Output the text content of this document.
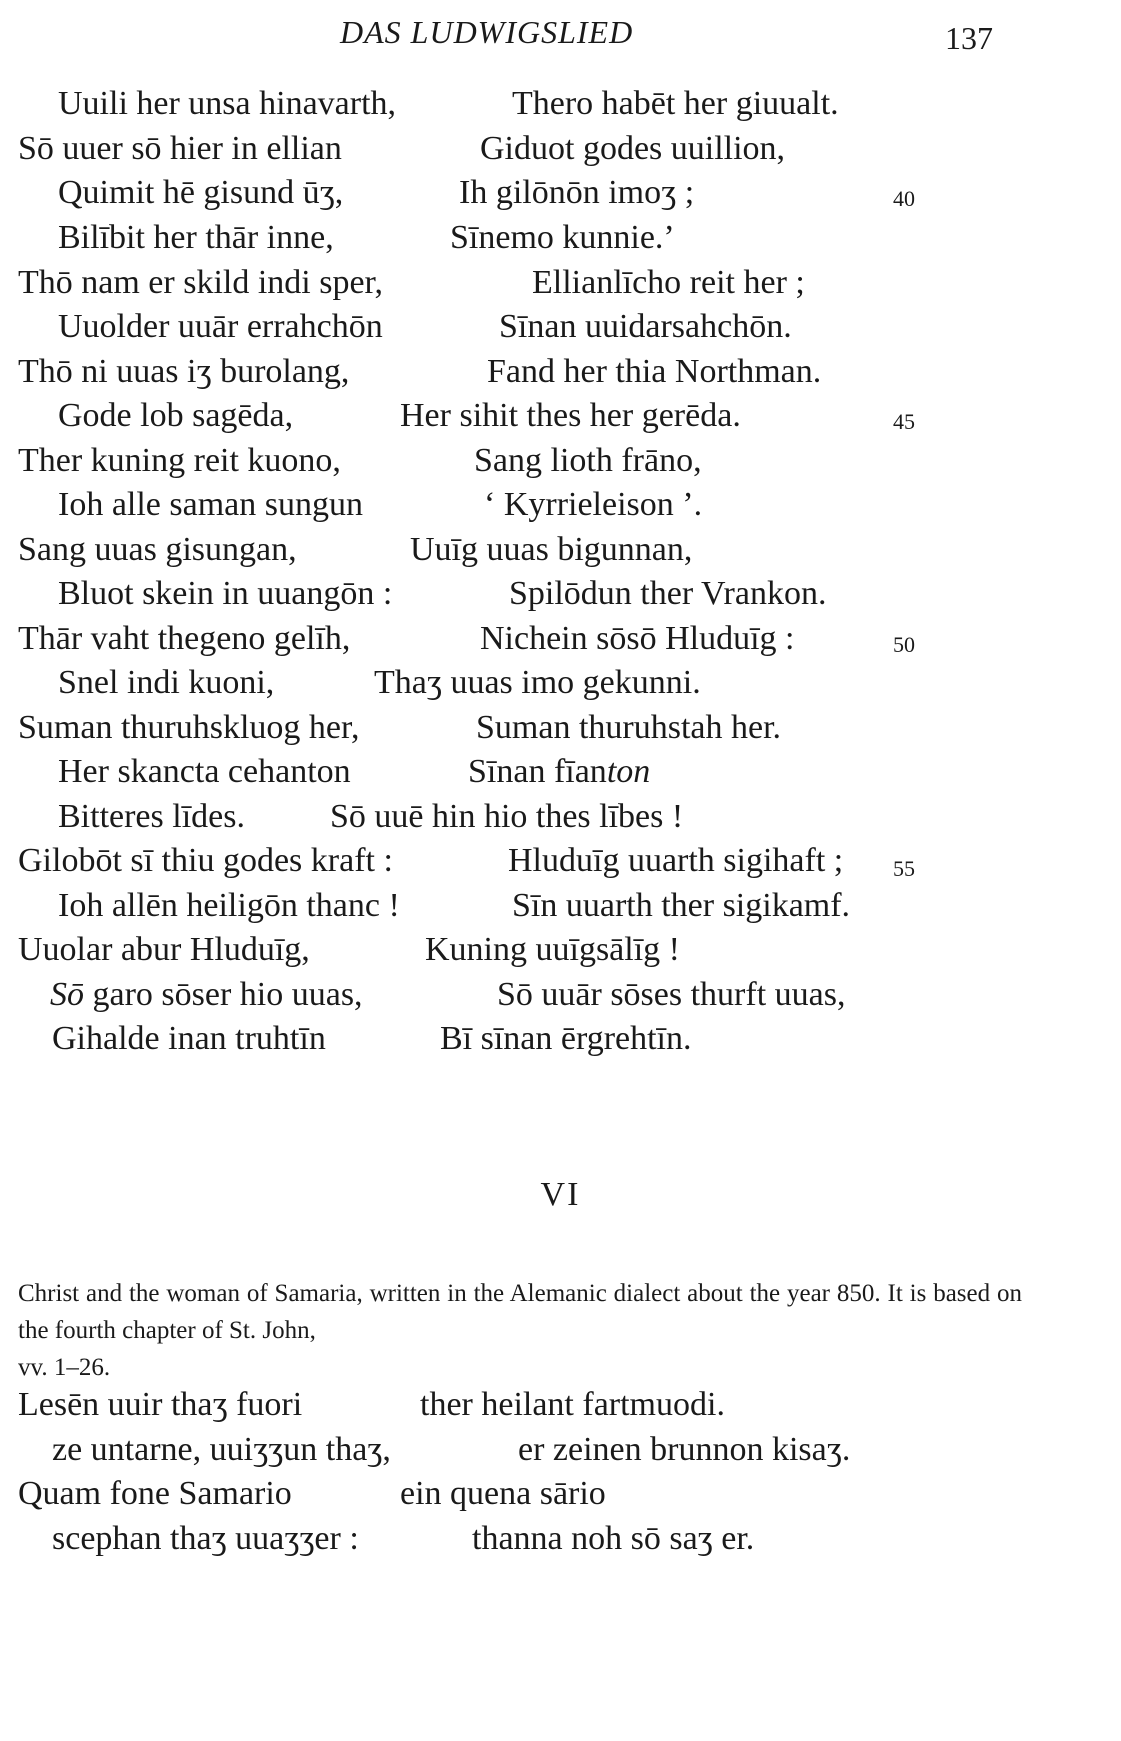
DAS LUDWIGSLIED	137
Uuili her unsa hinavarth,	Thero habēt her giuualt.
Sō uuer sō hier in ellian	Giduot godes uuillion,
Quimit hē gisund ūʒ,	Ih gilōnōn imoʒ ;	40
Bilībit her thār inne,	Sīnemo kunnie.’
Thō nam er skild indi sper,	Ellianlīcho reit her ;
Uuolder uuār errahchōn	Sīnan uuidarsahchōn.
Thō ni uuas iʒ burolang,	Fand her thia Northman.
Gode lob sagēda,	Her sihit thes her gerēda.	45
Ther kuning reit kuono,	Sang lioth frāno,
Ioh alle saman sungun	‘ Kyrrieleison ’.
Sang uuas gisungan,	Uuīg uuas bigunnan,
Bluot skein in uuangōn :	Spilōdun ther Vrankon.
Thār vaht thegeno gelīh,	Nichein sōsō Hluduīg :	50
Snel indi kuoni,	Thaʒ uuas imo gekunni.
Suman thuruhskluog her,	Suman thuruhstah her.
Her skancta cehanton	Sīnan fīanton
Bitteres līdes.	Sō uuē hin hio thes lībes !
Gilobōt sī thiu godes kraft :	Hluduīg uuarth sigihaft ; 55
Ioh allēn heiligōn thanc !	Sīn uuarth ther sigikamf.
Uuolar abur Hluduīg,	Kuning uuīgsālīg !
Sō garo sōser hio uuas,	Sō uuār sōses thurft uuas,
Gihalde inan truhtīn	Bī sīnan ērgrehtīn.
VI
Christ and the woman of Samaria, written in the Alemanic dialect about the year 850. It is based on the fourth chapter of St. John,
vv. 1–26.
Lesēn uuir thaʒ fuori	ther heilant fartmuodi.
ze untarne, uuiʒʒun thaʒ,	er zeinen brunnon kisaʒ.
Quam fone Samario	ein quena sārio
scephan thaʒ uuaʒʒer :	thanna noh sō saʒ er.
